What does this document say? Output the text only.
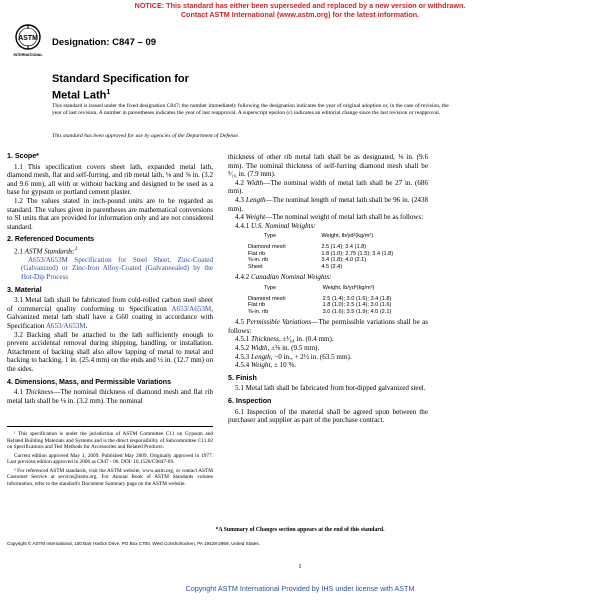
NOTICE: This standard has either been superseded and replaced by a new version or withdrawn.
Contact ASTM International (www.astm.org) for the latest information.
ASTM
INTERNATIONAL
Designation: C847 – 09
Standard Specification for
Metal Lath$^1$
This standard is issued under the fixed designation C847; the number immediately following the designation indicates the year of original adoption or, in the case of revision, the year of last revision. A number in parentheses indicates the year of last reapproval. A superscript epsilon (ε) indicates an editorial change since the last revision or reapproval.
This standard has been approved for use by agencies of the Department of Defense.
1. Scope*

1.1 This specification covers sheet lath, expanded metal lath, diamond mesh, flat and self-furring, and rib metal lath, ⅛ and ⅜ in. (3.2 and 9.6 mm), all with or without backing and designed to be used as a base for gypsum or portland cement plaster.

1.2 The values stated in inch-pound units are to be regarded as standard. The values given in parentheses are mathematical conversions to SI units that are provided for information only and are not considered standard.

2. Referenced Documents

2.1 ASTM Standards:$^2$

A653/A653M Specification for Steel Sheet, Zinc-Coated (Galvanized) or Zinc-Iron Alloy-Coated (Galvannealed) by the Hot-Dip Process

3. Material

3.1 Metal lath shall be fabricated from cold-rolled carbon steel sheet of commercial quality conforming to Specification A653/A653M, Galvanized metal lath shall have a G60 coating in accordance with Specification A653/A653M.

3.2 Backing shall be attached to the lath sufficiently enough to prevent accidental removal during shipping, handling, or installation. Attachment of backing shall also allow lapping of metal to metal and backing to backing, 1 in. (25.4 mm) on the ends and ½ in. (12.7 mm) on the sides.

4. Dimensions, Mass, and Permissible Variations

4.1 Thickness—The nominal thickness of diamond mesh and flat rib metal lath shall be ⅛ in. (3.2 mm). The nominal

¹ This specification is under the jurisdiction of ASTM Committee C11 on Gypsum and Related Building Materials and Systems and is the direct responsibility of Subcommittee C11.02 on Specifications and Test Methods for Accessories and Related Products.

Current edition approved May 1, 2009. Published May 2009. Originally approved in 1977. Last previous edition approved in 2006 as C847 - 06. DOI: 10.1520/C0847-09.

² For referenced ASTM standards, visit the ASTM website, www.astm.org, or contact ASTM Customer Service at service@astm.org. For Annual Book of ASTM Standards volume information, refer to the standard's Document Summary page on the ASTM website.

thickness of other rib metal lath shall be as designated, ⅜ in. (9.6 mm). The nominal thickness of self-furring diamond mesh shall be ⁵⁄₁₆ in. (7.9 mm).

4.2 Width—The nominal width of metal lath shall be 27 in. (686 mm).

4.3 Length—The nominal length of metal lath shall be 96 in. (2438 mm).

4.4 Weight—The nominal weight of metal lath shall be as follows:

4.4.1 U.S. Nominal Weights:

Type	Weight, lb/yd²(kg/m²)
Diamond mesh	2.5 (1.4); 3.4 (1.8)
Flat rib	1.8 (1.0); 2.75 (1.5); 3.4 (1.8)
⅜-in. rib	3.4 (1.8); 4.0 (2.1)
Sheet	4.5 (2.4)

4.4.2 Canadian Nominal Weights:

Type	Weight, lb/yd²(kg/m²)
Diamond mesh	2.5 (1.4); 3.0 (1.6); 3.4 (1.8)
Flat rib	1.8 (1.0); 2.5 (1.4); 3.0 (1.6)
⅜-in. rib	3.0 (1.6); 3.5 (1.9); 4.0 (2.1)

4.5 Permissible Variations—The permissible variations shall be as follows:

4.5.1 Thickness, ±¹⁄₆₄ in. (0.4 mm).

4.5.2 Width, ±⅜ in. (9.5 mm).

4.5.3 Length, −0 in., + 2½ in. (63.5 mm).

4.5.4 Weight, ± 10 %.

5. Finish

5.1 Metal lath shall be fabricated from hot-dipped galvanized steel.

6. Inspection

6.1 Inspection of the material shall be agreed upon between the purchaser and supplier as part of the purchase contract.

*A Summary of Changes section appears at the end of this standard.
Copyright © ASTM International, 100 Barr Harbor Drive, PO Box C700, West Conshohocken, PA 19428-2959, United States.
1
Copyright ASTM International Provided by IHS under license with ASTM
